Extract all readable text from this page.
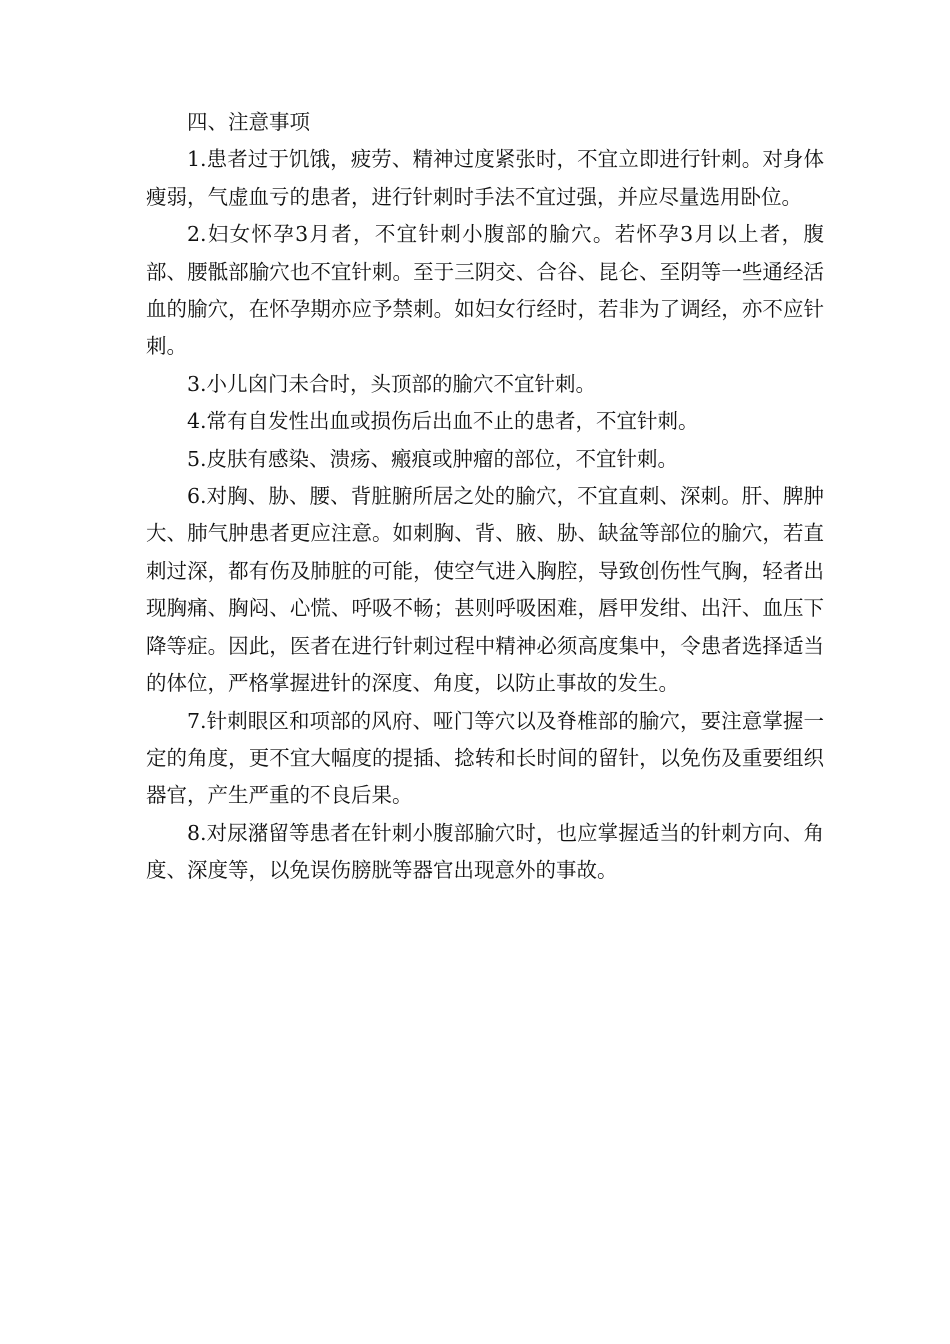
四、注意事项

1.患者过于饥饿，疲劳、精神过度紧张时，不宜立即进行针刺。对身体瘦弱，气虚血亏的患者，进行针刺时手法不宜过强，并应尽量选用卧位。

2.妇女怀孕3月者，不宜针刺小腹部的腧穴。若怀孕3月以上者，腹部、腰骶部腧穴也不宜针刺。至于三阴交、合谷、昆仑、至阴等一些通经活血的腧穴，在怀孕期亦应予禁刺。如妇女行经时，若非为了调经，亦不应针刺。

3.小儿囟门未合时，头顶部的腧穴不宜针刺。

4.常有自发性出血或损伤后出血不止的患者，不宜针刺。

5.皮肤有感染、溃疡、瘢痕或肿瘤的部位，不宜针刺。

6.对胸、胁、腰、背脏腑所居之处的腧穴，不宜直刺、深刺。肝、脾肿大、肺气肿患者更应注意。如刺胸、背、腋、胁、缺盆等部位的腧穴，若直刺过深，都有伤及肺脏的可能，使空气进入胸腔，导致创伤性气胸，轻者出现胸痛、胸闷、心慌、呼吸不畅；甚则呼吸困难，唇甲发绀、出汗、血压下降等症。因此，医者在进行针刺过程中精神必须高度集中，令患者选择适当的体位，严格掌握进针的深度、角度，以防止事故的发生。

7.针刺眼区和项部的风府、哑门等穴以及脊椎部的腧穴，要注意掌握一定的角度，更不宜大幅度的提插、捻转和长时间的留针，以免伤及重要组织器官，产生严重的不良后果。

8.对尿潴留等患者在针刺小腹部腧穴时，也应掌握适当的针刺方向、角度、深度等，以免误伤膀胱等器官出现意外的事故。
